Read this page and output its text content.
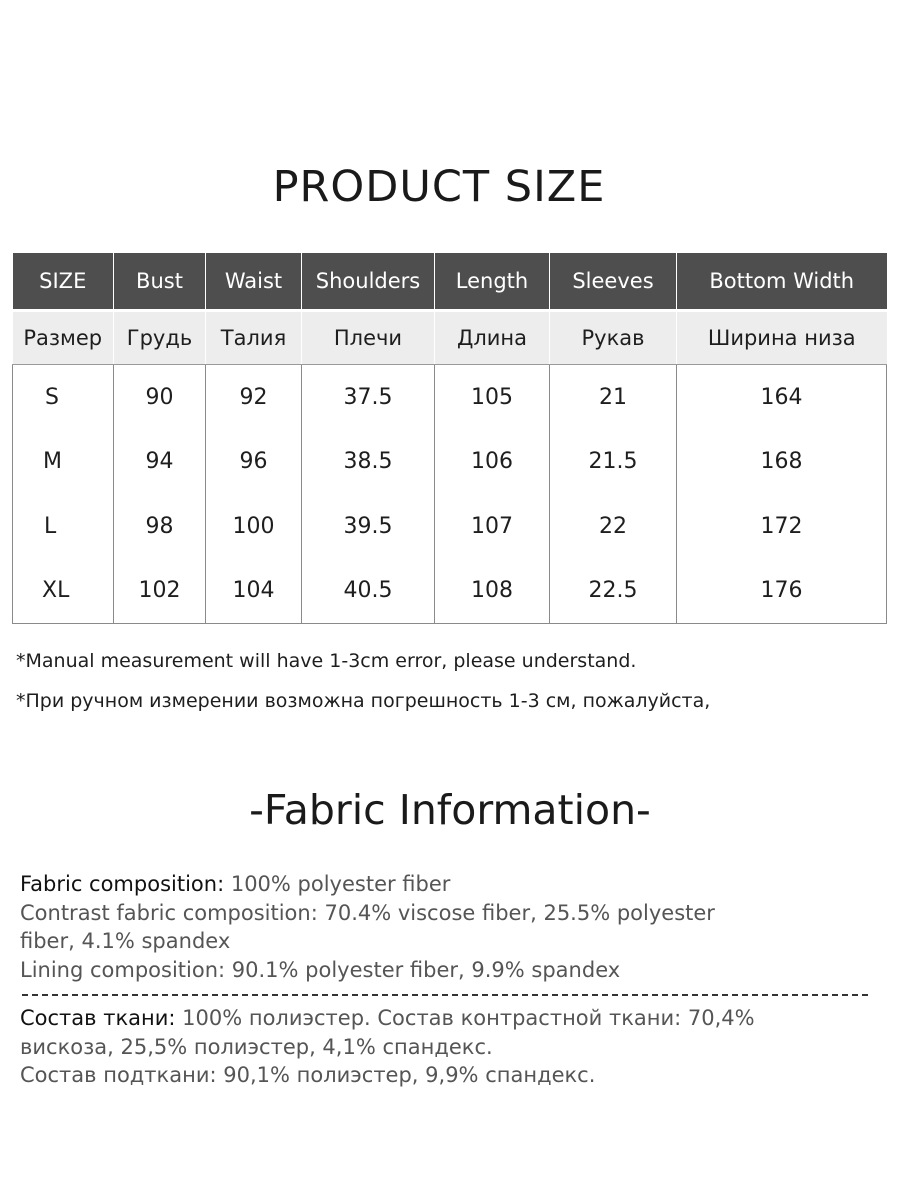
PRODUCT SIZE
SIZE	Bust	Waist	Shoulders	Length	Sleeves	Bottom Width
Размер	Грудь	Талия	Плечи	Длина	Рукав	Ширина низа
S	90	92	37.5	105	21	164
M	94	96	38.5	106	21.5	168
L	98	100	39.5	107	22	172
XL	102	104	40.5	108	22.5	176
*Manual measurement will have 1-3cm error, please understand.
*При ручном измерении возможна погрешность 1-3 см, пожалуйста,
-Fabric Information-
Fabric composition: 100% polyester fiber
Contrast fabric composition: 70.4% viscose fiber, 25.5% polyester
fiber, 4.1% spandex
Lining composition: 90.1% polyester fiber, 9.9% spandex
Состав ткани: 100% полиэстер. Состав контрастной ткани: 70,4%
вискоза, 25,5% полиэстер, 4,1% спандекс.
Состав подткани: 90,1% полиэстер, 9,9% спандекс.
